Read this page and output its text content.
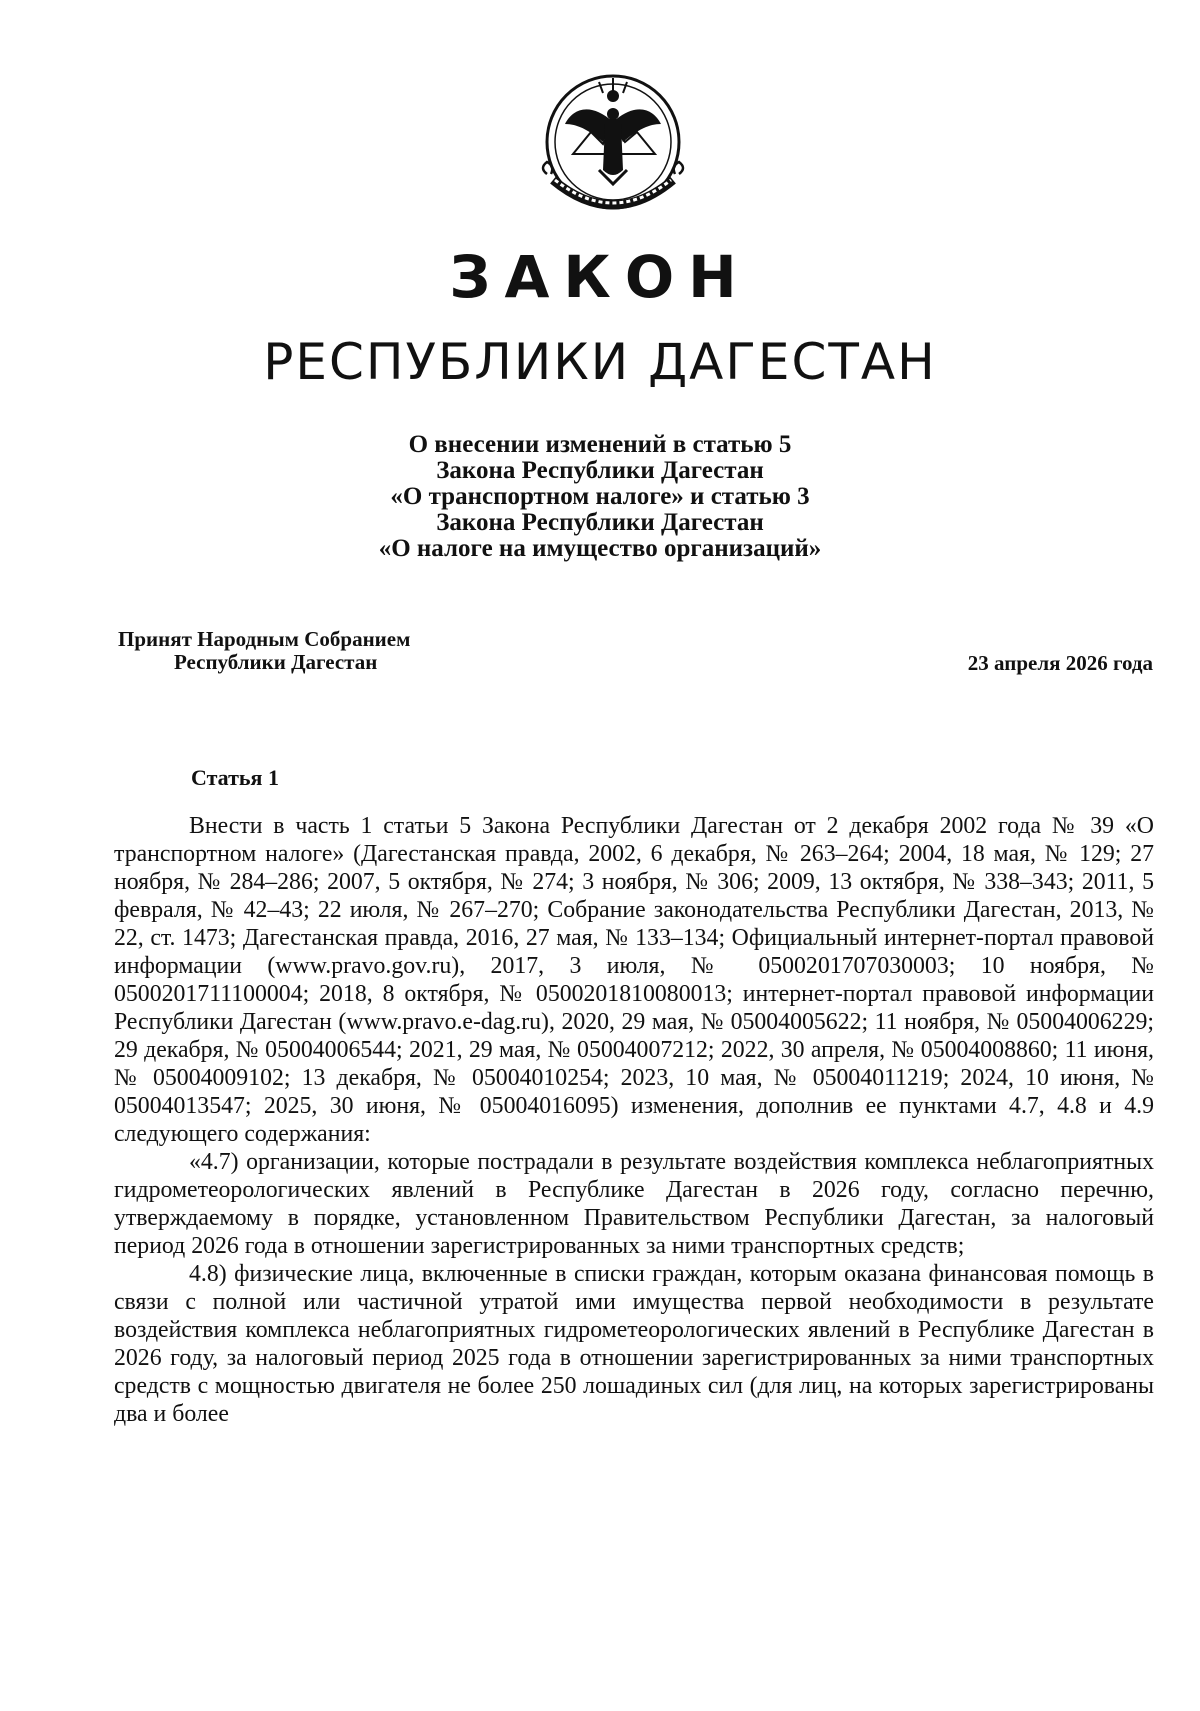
ЗАКОН
РЕСПУБЛИКИ ДАГЕСТАН
О внесении изменений в статью 5
Закона Республики Дагестан
«О транспортном налоге» и статью 3
Закона Республики Дагестан
«О налоге на имущество организаций»
Принят Народным Собранием
Республики Дагестан	23 апреля 2026 года
Статья 1

Внести в часть 1 статьи 5 Закона Республики Дагестан от 2 декабря 2002 года № 39 «О транспортном налоге» (Дагестанская правда, 2002, 6 декабря, № 263–264; 2004, 18 мая, № 129; 27 ноября, № 284–286; 2007, 5 октября, № 274; 3 ноября, № 306; 2009, 13 октября, № 338–343; 2011, 5 февраля, № 42–43; 22 июля, № 267–270; Собрание законодательства Республики Дагестан, 2013, № 22, ст. 1473; Дагестанская правда, 2016, 27 мая, № 133–134; Официальный интернет-портал правовой информации (www.pravo.gov.ru), 2017, 3 июля, № 0500201707030003; 10 ноября, № 0500201711100004; 2018, 8 октября, № 0500201810080013; интернет-портал правовой информации Республики Дагестан (www.pravo.e-dag.ru), 2020, 29 мая, № 05004005622; 11 ноября, № 05004006229; 29 декабря, № 05004006544; 2021, 29 мая, № 05004007212; 2022, 30 апреля, № 05004008860; 11 июня, № 05004009102; 13 декабря, № 05004010254; 2023, 10 мая, № 05004011219; 2024, 10 июня, № 05004013547; 2025, 30 июня, № 05004016095) изменения, дополнив ее пунктами 4.7, 4.8 и 4.9 следующего содержания:

«4.7) организации, которые пострадали в результате воздействия комплекса неблагоприятных гидрометеорологических явлений в Республике Дагестан в 2026 году, согласно перечню, утверждаемому в порядке, установленном Правительством Республики Дагестан, за налоговый период 2026 года в отношении зарегистрированных за ними транспортных средств;

4.8) физические лица, включенные в списки граждан, которым оказана финансовая помощь в связи с полной или частичной утратой ими имущества первой необходимости в результате воздействия комплекса неблагоприятных гидрометеорологических явлений в Республике Дагестан в 2026 году, за налоговый период 2025 года в отношении зарегистрированных за ними транспортных средств с мощностью двигателя не более 250 лошадиных сил (для лиц, на которых зарегистрированы два и более
